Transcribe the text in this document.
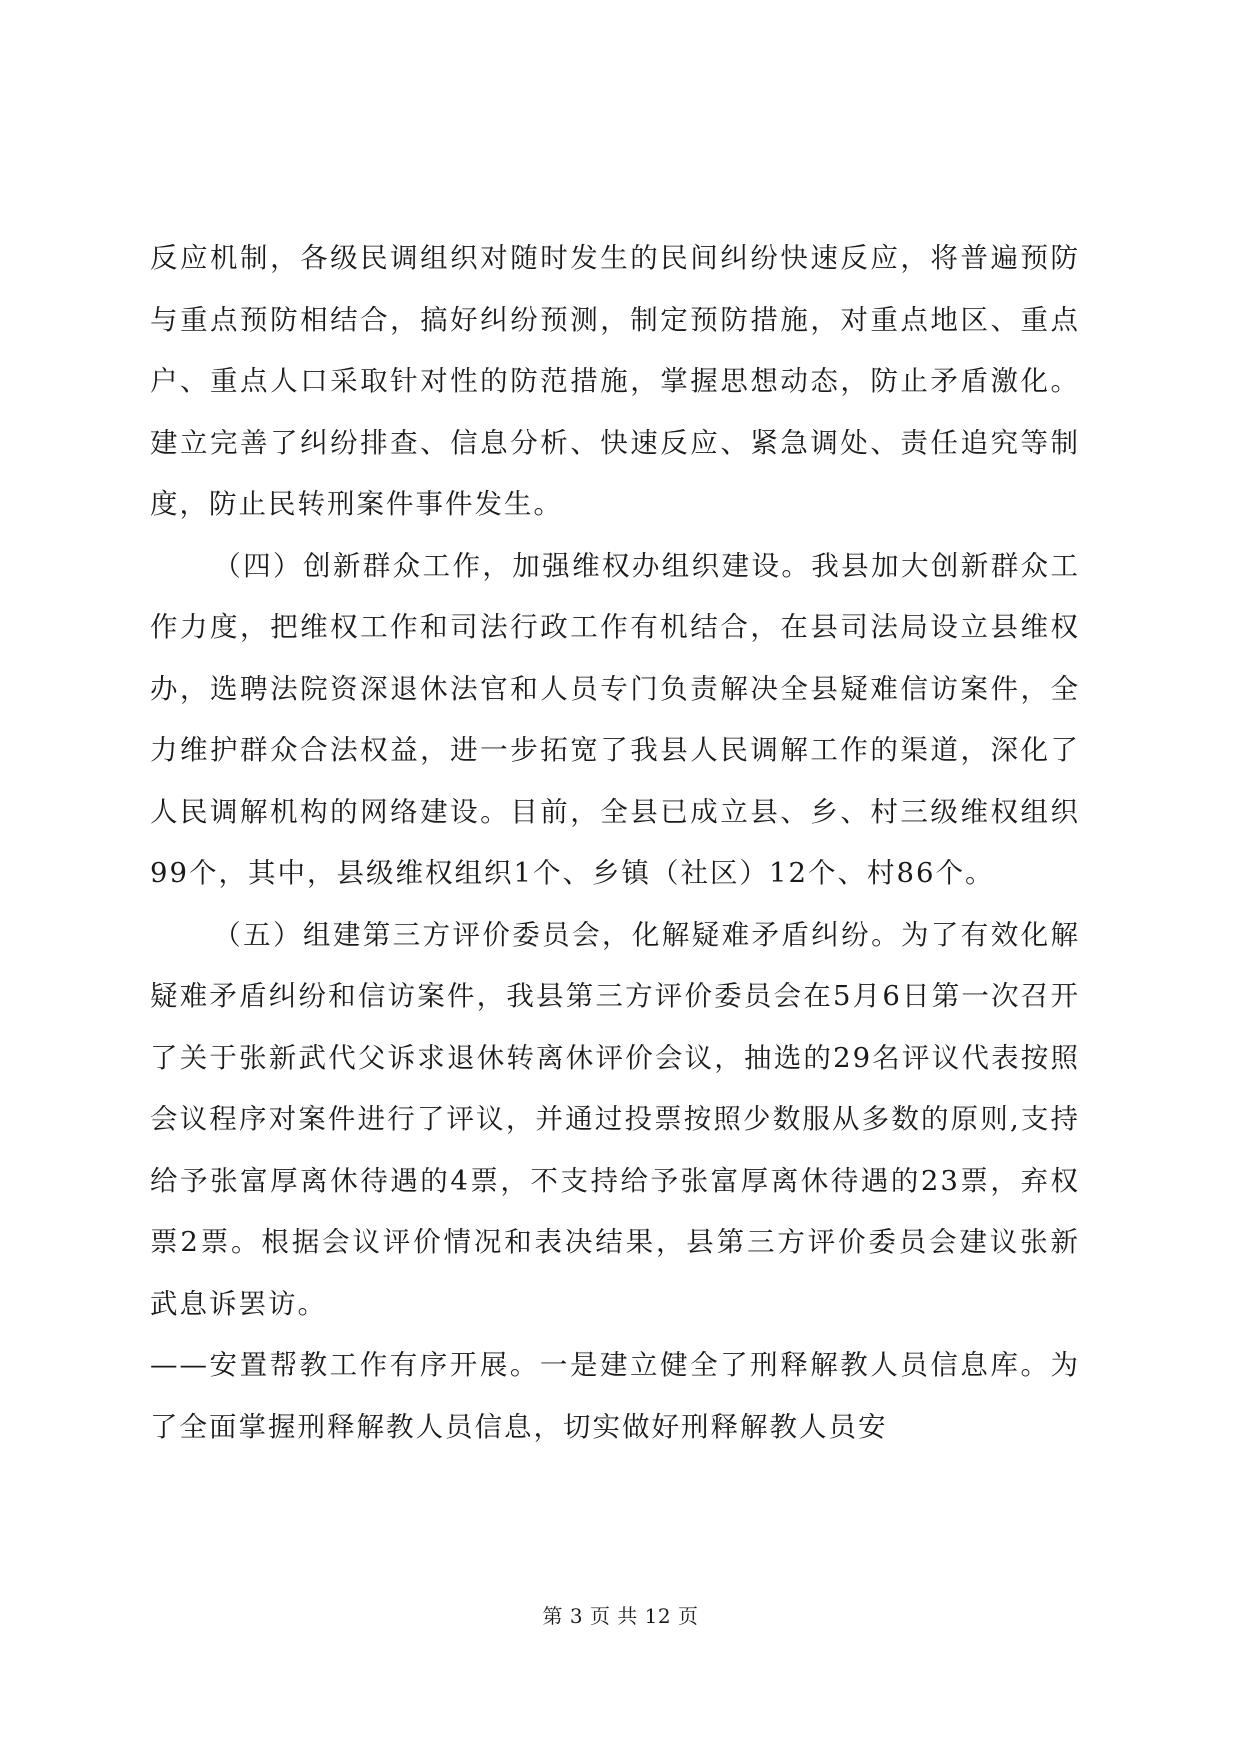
反应机制，各级民调组织对随时发生的民间纠纷快速反应，将普遍预防与重点预防相结合，搞好纠纷预测，制定预防措施，对重点地区、重点户、重点人口采取针对性的防范措施，掌握思想动态，防止矛盾激化。建立完善了纠纷排查、信息分析、快速反应、紧急调处、责任追究等制度，防止民转刑案件事件发生。

（四）创新群众工作，加强维权办组织建设。我县加大创新群众工作力度，把维权工作和司法行政工作有机结合，在县司法局设立县维权办，选聘法院资深退休法官和人员专门负责解决全县疑难信访案件，全力维护群众合法权益，进一步拓宽了我县人民调解工作的渠道，深化了人民调解机构的网络建设。目前，全县已成立县、乡、村三级维权组织99个，其中，县级维权组织1个、乡镇（社区）12个、村86个。

（五）组建第三方评价委员会，化解疑难矛盾纠纷。为了有效化解疑难矛盾纠纷和信访案件，我县第三方评价委员会在5月6日第一次召开了关于张新武代父诉求退休转离休评价会议，抽选的29名评议代表按照会议程序对案件进行了评议，并通过投票按照少数服从多数的原则,支持给予张富厚离休待遇的4票，不支持给予张富厚离休待遇的23票，弃权票2票。根据会议评价情况和表决结果，县第三方评价委员会建议张新武息诉罢访。

——安置帮教工作有序开展。一是建立健全了刑释解教人员信息库。为了全面掌握刑释解教人员信息，切实做好刑释解教人员安

第 3 页 共 12 页
